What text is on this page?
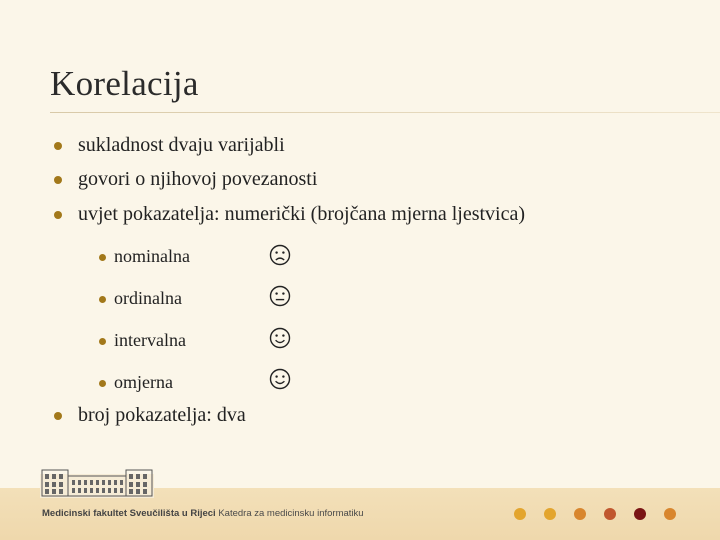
Korelacija
sukladnost dvaju varijabli
govori o njihovoj povezanosti
uvjet pokazatelja: numerički (brojčana mjerna ljestvica)
nominalna
ordinalna
intervalna
omjerna
broj pokazatelja: dva
Medicinski fakultet Sveučilišta u Rijeci Katedra za medicinsku informatiku
